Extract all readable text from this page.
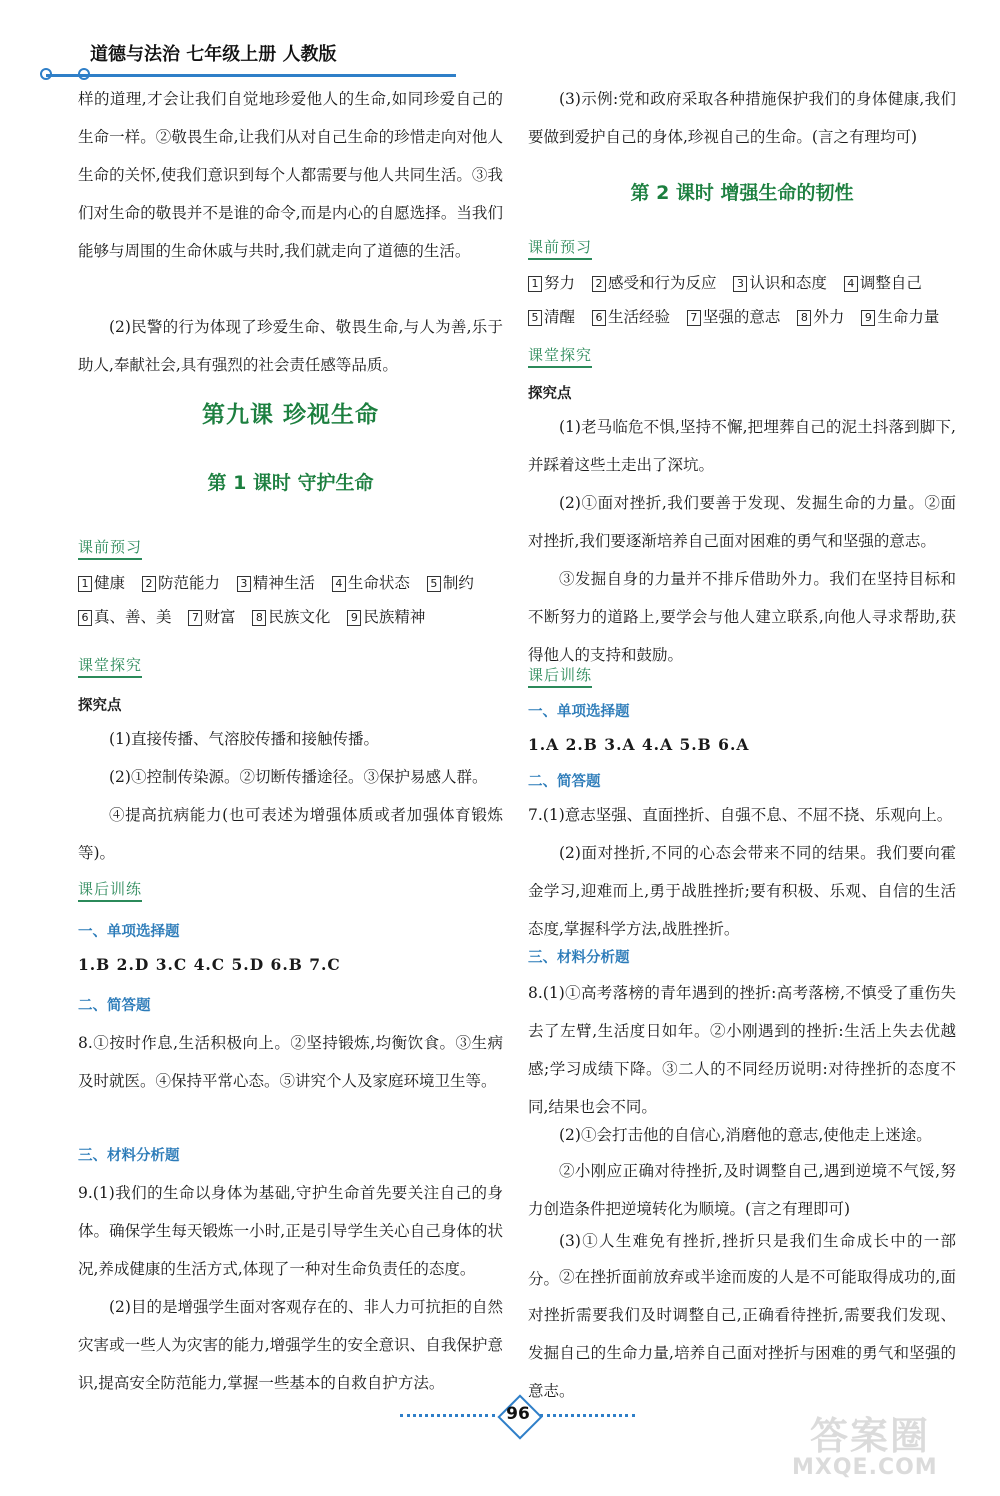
道德与法治 七年级上册 人教版
样的道理,才会让我们自觉地珍爱他人的生命,如同珍爱自己的生命一样。②敬畏生命,让我们从对自己生命的珍惜走向对他人生命的关怀,使我们意识到每个人都需要与他人共同生活。③我们对生命的敬畏并不是谁的命令,而是内心的自愿选择。当我们能够与周围的生命休戚与共时,我们就走向了道德的生活。
(2)民警的行为体现了珍爱生命、敬畏生命,与人为善,乐于助人,奉献社会,具有强烈的社会责任感等品质。
第九课 珍视生命
第 1 课时 守护生命
课前预习
1 健康 2 防范能力 3 精神生活 4 生命状态 5 制约
6 真、善、美 7 财富 8 民族文化 9 民族精神
课堂探究
探究点
(1)直接传播、气溶胶传播和接触传播。
(2)①控制传染源。②切断传播途径。③保护易感人群。
④提高抗病能力(也可表述为增强体质或者加强体育锻炼等)。
课后训练
一、单项选择题
1.B 2.D 3.C 4.C 5.D 6.B 7.C
二、简答题
8.①按时作息,生活积极向上。②坚持锻炼,均衡饮食。③生病及时就医。④保持平常心态。⑤讲究个人及家庭环境卫生等。
三、材料分析题
9.(1)我们的生命以身体为基础,守护生命首先要关注自己的身体。确保学生每天锻炼一小时,正是引导学生关心自己身体的状况,养成健康的生活方式,体现了一种对生命负责任的态度。
(2)目的是增强学生面对客观存在的、非人力可抗拒的自然灾害或一些人为灾害的能力,增强学生的安全意识、自我保护意识,提高安全防范能力,掌握一些基本的自救自护方法。
(3)示例:党和政府采取各种措施保护我们的身体健康,我们要做到爱护自己的身体,珍视自己的生命。(言之有理均可)
第 2 课时 增强生命的韧性
课前预习
1 努力 2 感受和行为反应 3 认识和态度 4 调整自己
5 清醒 6 生活经验 7 坚强的意志 8 外力 9 生命力量
课堂探究
探究点
(1)老马临危不惧,坚持不懈,把埋葬自己的泥土抖落到脚下,并踩着这些土走出了深坑。
(2)①面对挫折,我们要善于发现、发掘生命的力量。②面对挫折,我们要逐渐培养自己面对困难的勇气和坚强的意志。
③发掘自身的力量并不排斥借助外力。我们在坚持目标和不断努力的道路上,要学会与他人建立联系,向他人寻求帮助,获得他人的支持和鼓励。
课后训练
一、单项选择题
1.A 2.B 3.A 4.A 5.B 6.A
二、简答题
7.(1)意志坚强、直面挫折、自强不息、不屈不挠、乐观向上。
(2)面对挫折,不同的心态会带来不同的结果。我们要向霍金学习,迎难而上,勇于战胜挫折;要有积极、乐观、自信的生活态度,掌握科学方法,战胜挫折。
三、材料分析题
8.(1)①高考落榜的青年遇到的挫折:高考落榜,不慎受了重伤失去了左臂,生活度日如年。②小刚遇到的挫折:生活上失去优越感;学习成绩下降。③二人的不同经历说明:对待挫折的态度不同,结果也会不同。
(2)①会打击他的自信心,消磨他的意志,使他走上迷途。
②小刚应正确对待挫折,及时调整自己,遇到逆境不气馁,努力创造条件把逆境转化为顺境。(言之有理即可)
(3)①人生难免有挫折,挫折只是我们生命成长中的一部分。 ②在挫折面前放弃或半途而废的人是不可能取得成功的,面对挫折需要我们及时调整自己,正确看待挫折,需要我们发现、发掘自己的生命力量,培养自己面对挫折与困难的勇气和坚强的意志。
96	答案圈
MXQE.COM
